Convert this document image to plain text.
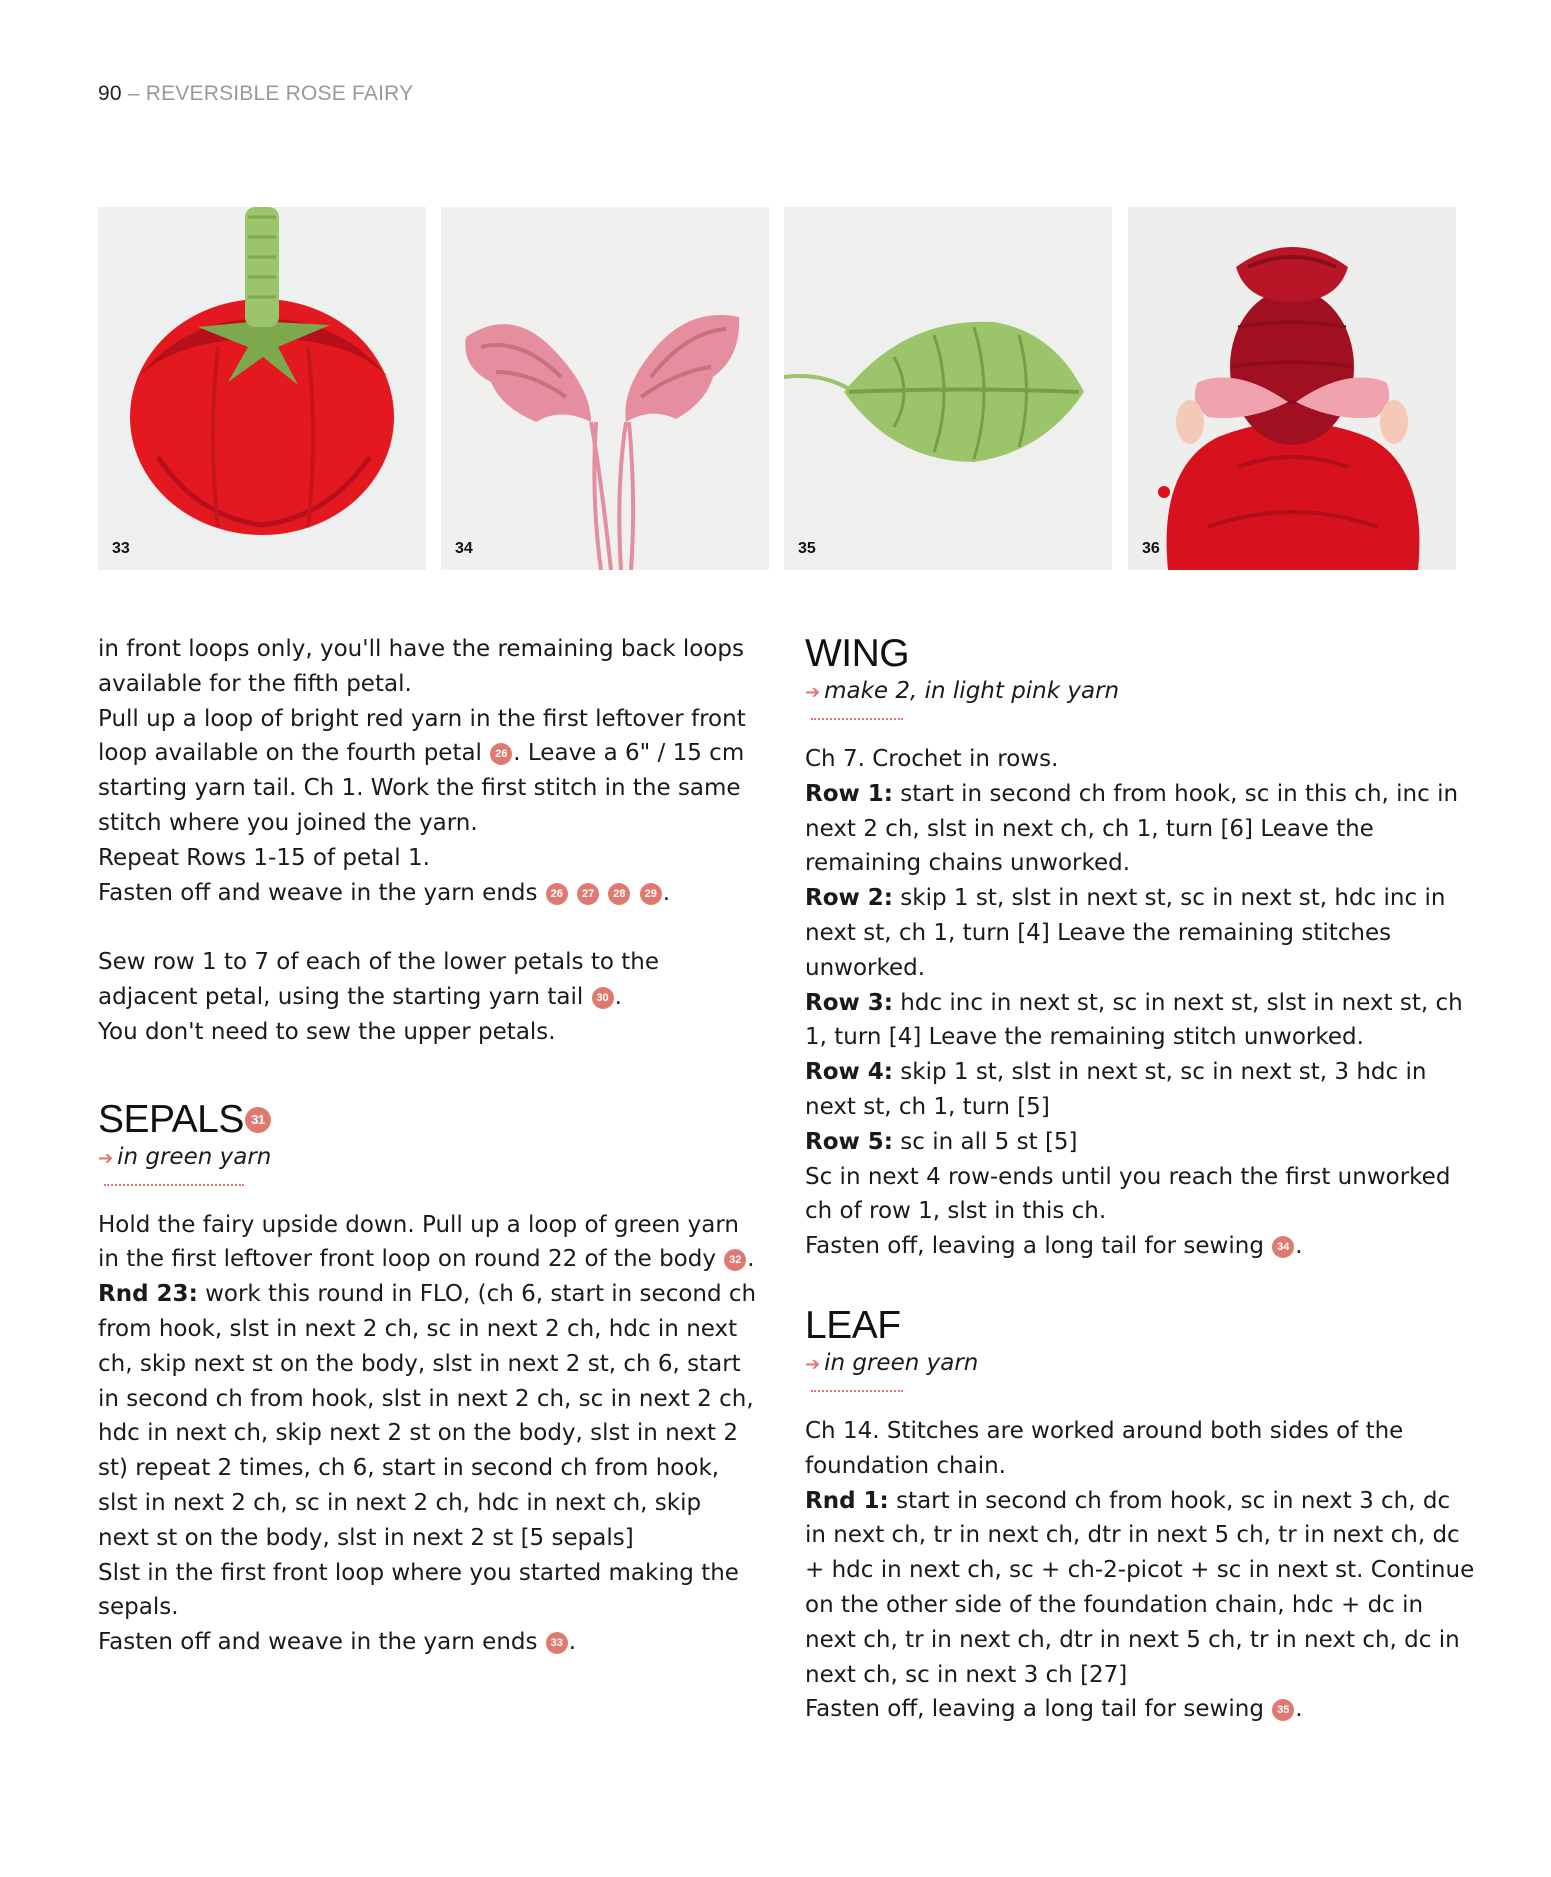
90 – REVERSIBLE ROSE FAIRY
33	34	35	36

in front loops only, you'll have the remaining back loops available for the fifth petal.

Pull up a loop of bright red yarn in the first leftover front loop available on the fourth petal 26 . Leave a 6" / 15 cm starting yarn tail. Ch 1. Work the first stitch in the same stitch where you joined the yarn.

Repeat Rows 1-15 of petal 1.

Fasten off and weave in the yarn ends 26 27 28 29 .

Sew row 1 to 7 of each of the lower petals to the adjacent petal, using the starting yarn tail 30 .

You don't need to sew the upper petals.

SEPALS 31

➔ in green yarn

Hold the fairy upside down. Pull up a loop of green yarn in the first leftover front loop on round 22 of the body 32 .

Rnd 23: work this round in FLO, (ch 6, start in second ch from hook, slst in next 2 ch, sc in next 2 ch, hdc in next ch, skip next st on the body, slst in next 2 st, ch 6, start in second ch from hook, slst in next 2 ch, sc in next 2 ch, hdc in next ch, skip next 2 st on the body, slst in next 2 st) repeat 2 times, ch 6, start in second ch from hook, slst in next 2 ch, sc in next 2 ch, hdc in next ch, skip next st on the body, slst in next 2 st [5 sepals]

Slst in the first front loop where you started making the sepals.

Fasten off and weave in the yarn ends 33 .

WING

➔ make 2, in light pink yarn

Ch 7. Crochet in rows.

Row 1: start in second ch from hook, sc in this ch, inc in next 2 ch, slst in next ch, ch 1, turn [6] Leave the remaining chains unworked.

Row 2: skip 1 st, slst in next st, sc in next st, hdc inc in next st, ch 1, turn [4] Leave the remaining stitches unworked.

Row 3: hdc inc in next st, sc in next st, slst in next st, ch 1, turn [4] Leave the remaining stitch unworked.

Row 4: skip 1 st, slst in next st, sc in next st, 3 hdc in next st, ch 1, turn [5]

Row 5: sc in all 5 st [5]

Sc in next 4 row-ends until you reach the first unworked ch of row 1, slst in this ch.

Fasten off, leaving a long tail for sewing 34 .

LEAF

➔ in green yarn

Ch 14. Stitches are worked around both sides of the foundation chain.

Rnd 1: start in second ch from hook, sc in next 3 ch, dc in next ch, tr in next ch, dtr in next 5 ch, tr in next ch, dc + hdc in next ch, sc + ch-2-picot + sc in next st. Continue on the other side of the foundation chain, hdc + dc in next ch, tr in next ch, dtr in next 5 ch, tr in next ch, dc in next ch, sc in next 3 ch [27]

Fasten off, leaving a long tail for sewing 35 .
